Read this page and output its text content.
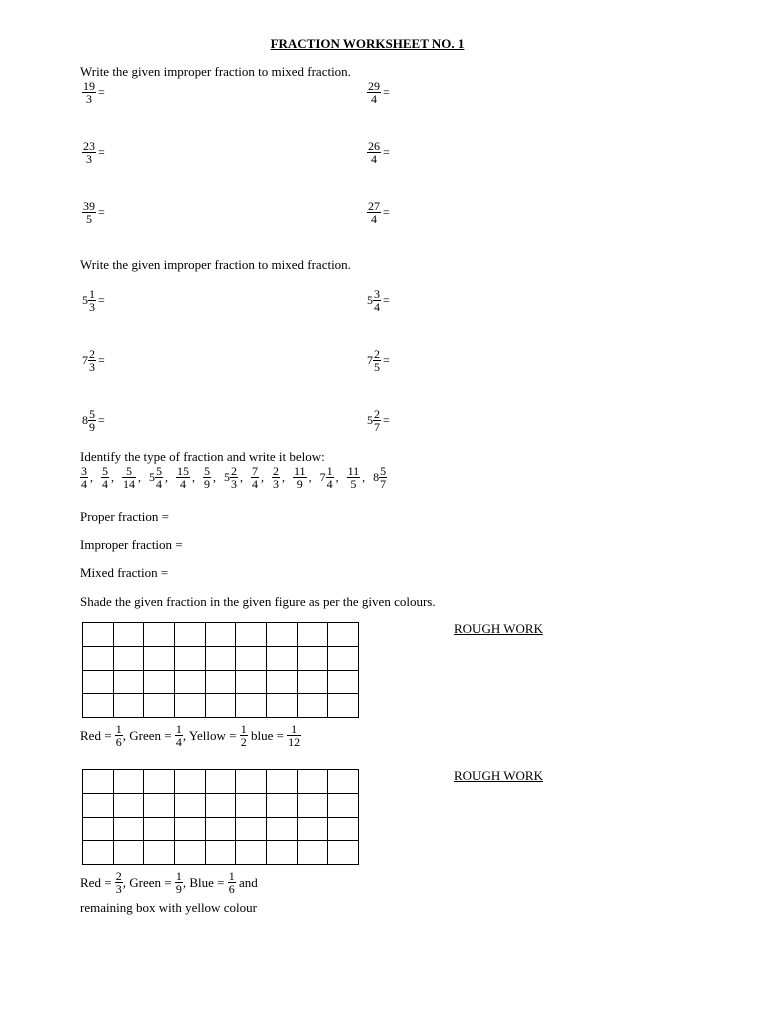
FRACTION WORKSHEET NO. 1
Write the given improper fraction to mixed fraction.
$\frac{19}{3}$ =	$\frac{29}{4}$ =
$\frac{23}{3}$ =	$\frac{26}{4}$ =
$\frac{39}{5}$ =	$\frac{27}{4}$ =
Write the given improper fraction to mixed fraction.
$5 \frac{1}{3}$ =	$5 \frac{3}{4}$ =
$7 \frac{2}{3}$ =	$7 \frac{2}{5}$ =
$8 \frac{5}{9}$ =	$5 \frac{2}{7}$ =
Identify the type of fraction and write it below:
$\frac{3}{4}$ , $\frac{5}{4}$ , $\frac{5}{14}$ , $5 \frac{5}{4}$ , $\frac{15}{4}$ , $\frac{5}{9}$ , $5 \frac{2}{3}$ , $\frac{7}{4}$ , $\frac{2}{3}$ , $\frac{11}{9}$ , $7 \frac{1}{4}$ , $\frac{11}{5}$ , $8 \frac{5}{7}$
Proper fraction =
Improper fraction =
Mixed fraction =
Shade the given fraction in the given figure as per the given colours.
ROUGH WORK

Red =
$\frac{1}{6}$ , Green =
$\frac{1}{4}$ , Yellow =
$\frac{1}{2}$
blue =
$\frac{1}{12}$
ROUGH WORK

Red =
$\frac{2}{3}$ , Green =
$\frac{1}{9}$ , Blue =
$\frac{1}{6}$
and
remaining box with yellow colour
